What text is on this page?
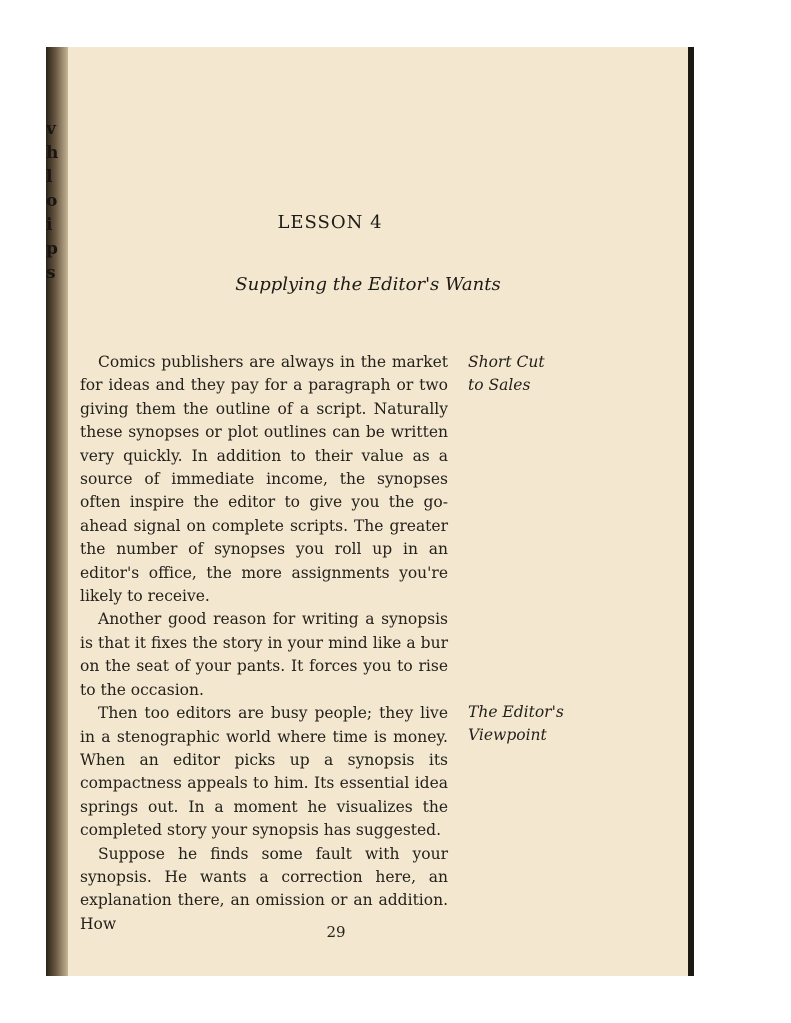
v
h
l
o
i
p
s
LESSON 4
Supplying the Editor's Wants

Comics publishers are always in the market for ideas and they pay for a paragraph or two giving them the outline of a script. Naturally these synopses or plot outlines can be written very quickly. In addition to their value as a source of immediate income, the synopses often inspire the editor to give you the go-ahead signal on complete scripts. The greater the number of synopses you roll up in an editor's office, the more assignments you're likely to receive.

Another good reason for writing a synopsis is that it fixes the story in your mind like a bur on the seat of your pants. It forces you to rise to the occasion.

Then too editors are busy people; they live in a stenographic world where time is money. When an editor picks up a synopsis its compactness appeals to him. Its essential idea springs out. In a moment he visualizes the completed story your synopsis has suggested.

Suppose he finds some fault with your synopsis. He wants a correction here, an explanation there, an omission or an addition. How

Short Cut
to Sales
The Editor's
Viewpoint
29
